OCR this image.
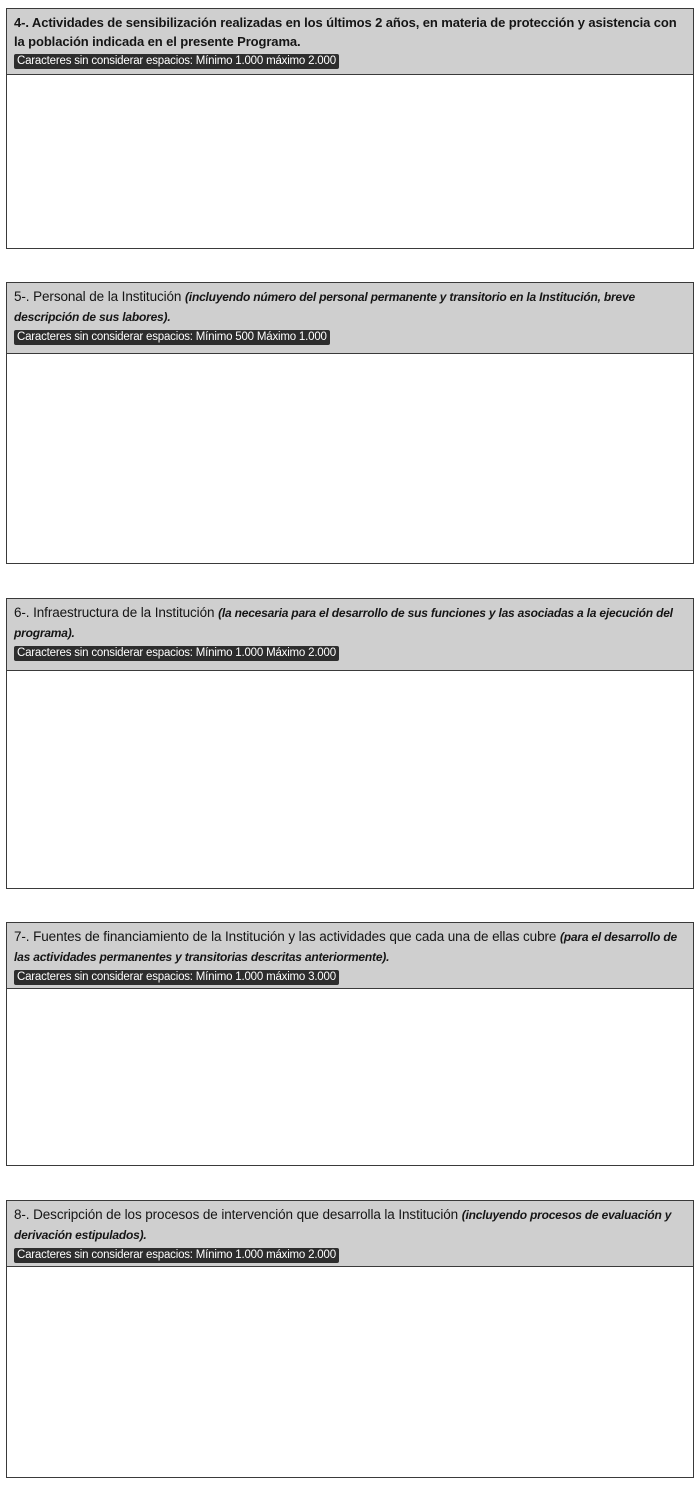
4-. Actividades de sensibilización realizadas en los últimos 2 años, en materia de protección y asistencia con la población indicada en el presente Programa.
Caracteres sin considerar espacios: Mínimo 1.000 máximo 2.000
5-. Personal de la Institución (incluyendo número del personal permanente y transitorio en la Institución, breve descripción de sus labores).
Caracteres sin considerar espacios: Mínimo 500 Máximo 1.000
6-. Infraestructura de la Institución (la necesaria para el desarrollo de sus funciones y las asociadas a la ejecución del programa).
Caracteres sin considerar espacios: Mínimo 1.000 Máximo 2.000
7-. Fuentes de financiamiento de la Institución y las actividades que cada una de ellas cubre (para el desarrollo de las actividades permanentes y transitorias descritas anteriormente).
Caracteres sin considerar espacios: Mínimo 1.000 máximo 3.000
8-. Descripción de los procesos de intervención que desarrolla la Institución (incluyendo procesos de evaluación y derivación estipulados).
Caracteres sin considerar espacios: Mínimo 1.000 máximo 2.000
